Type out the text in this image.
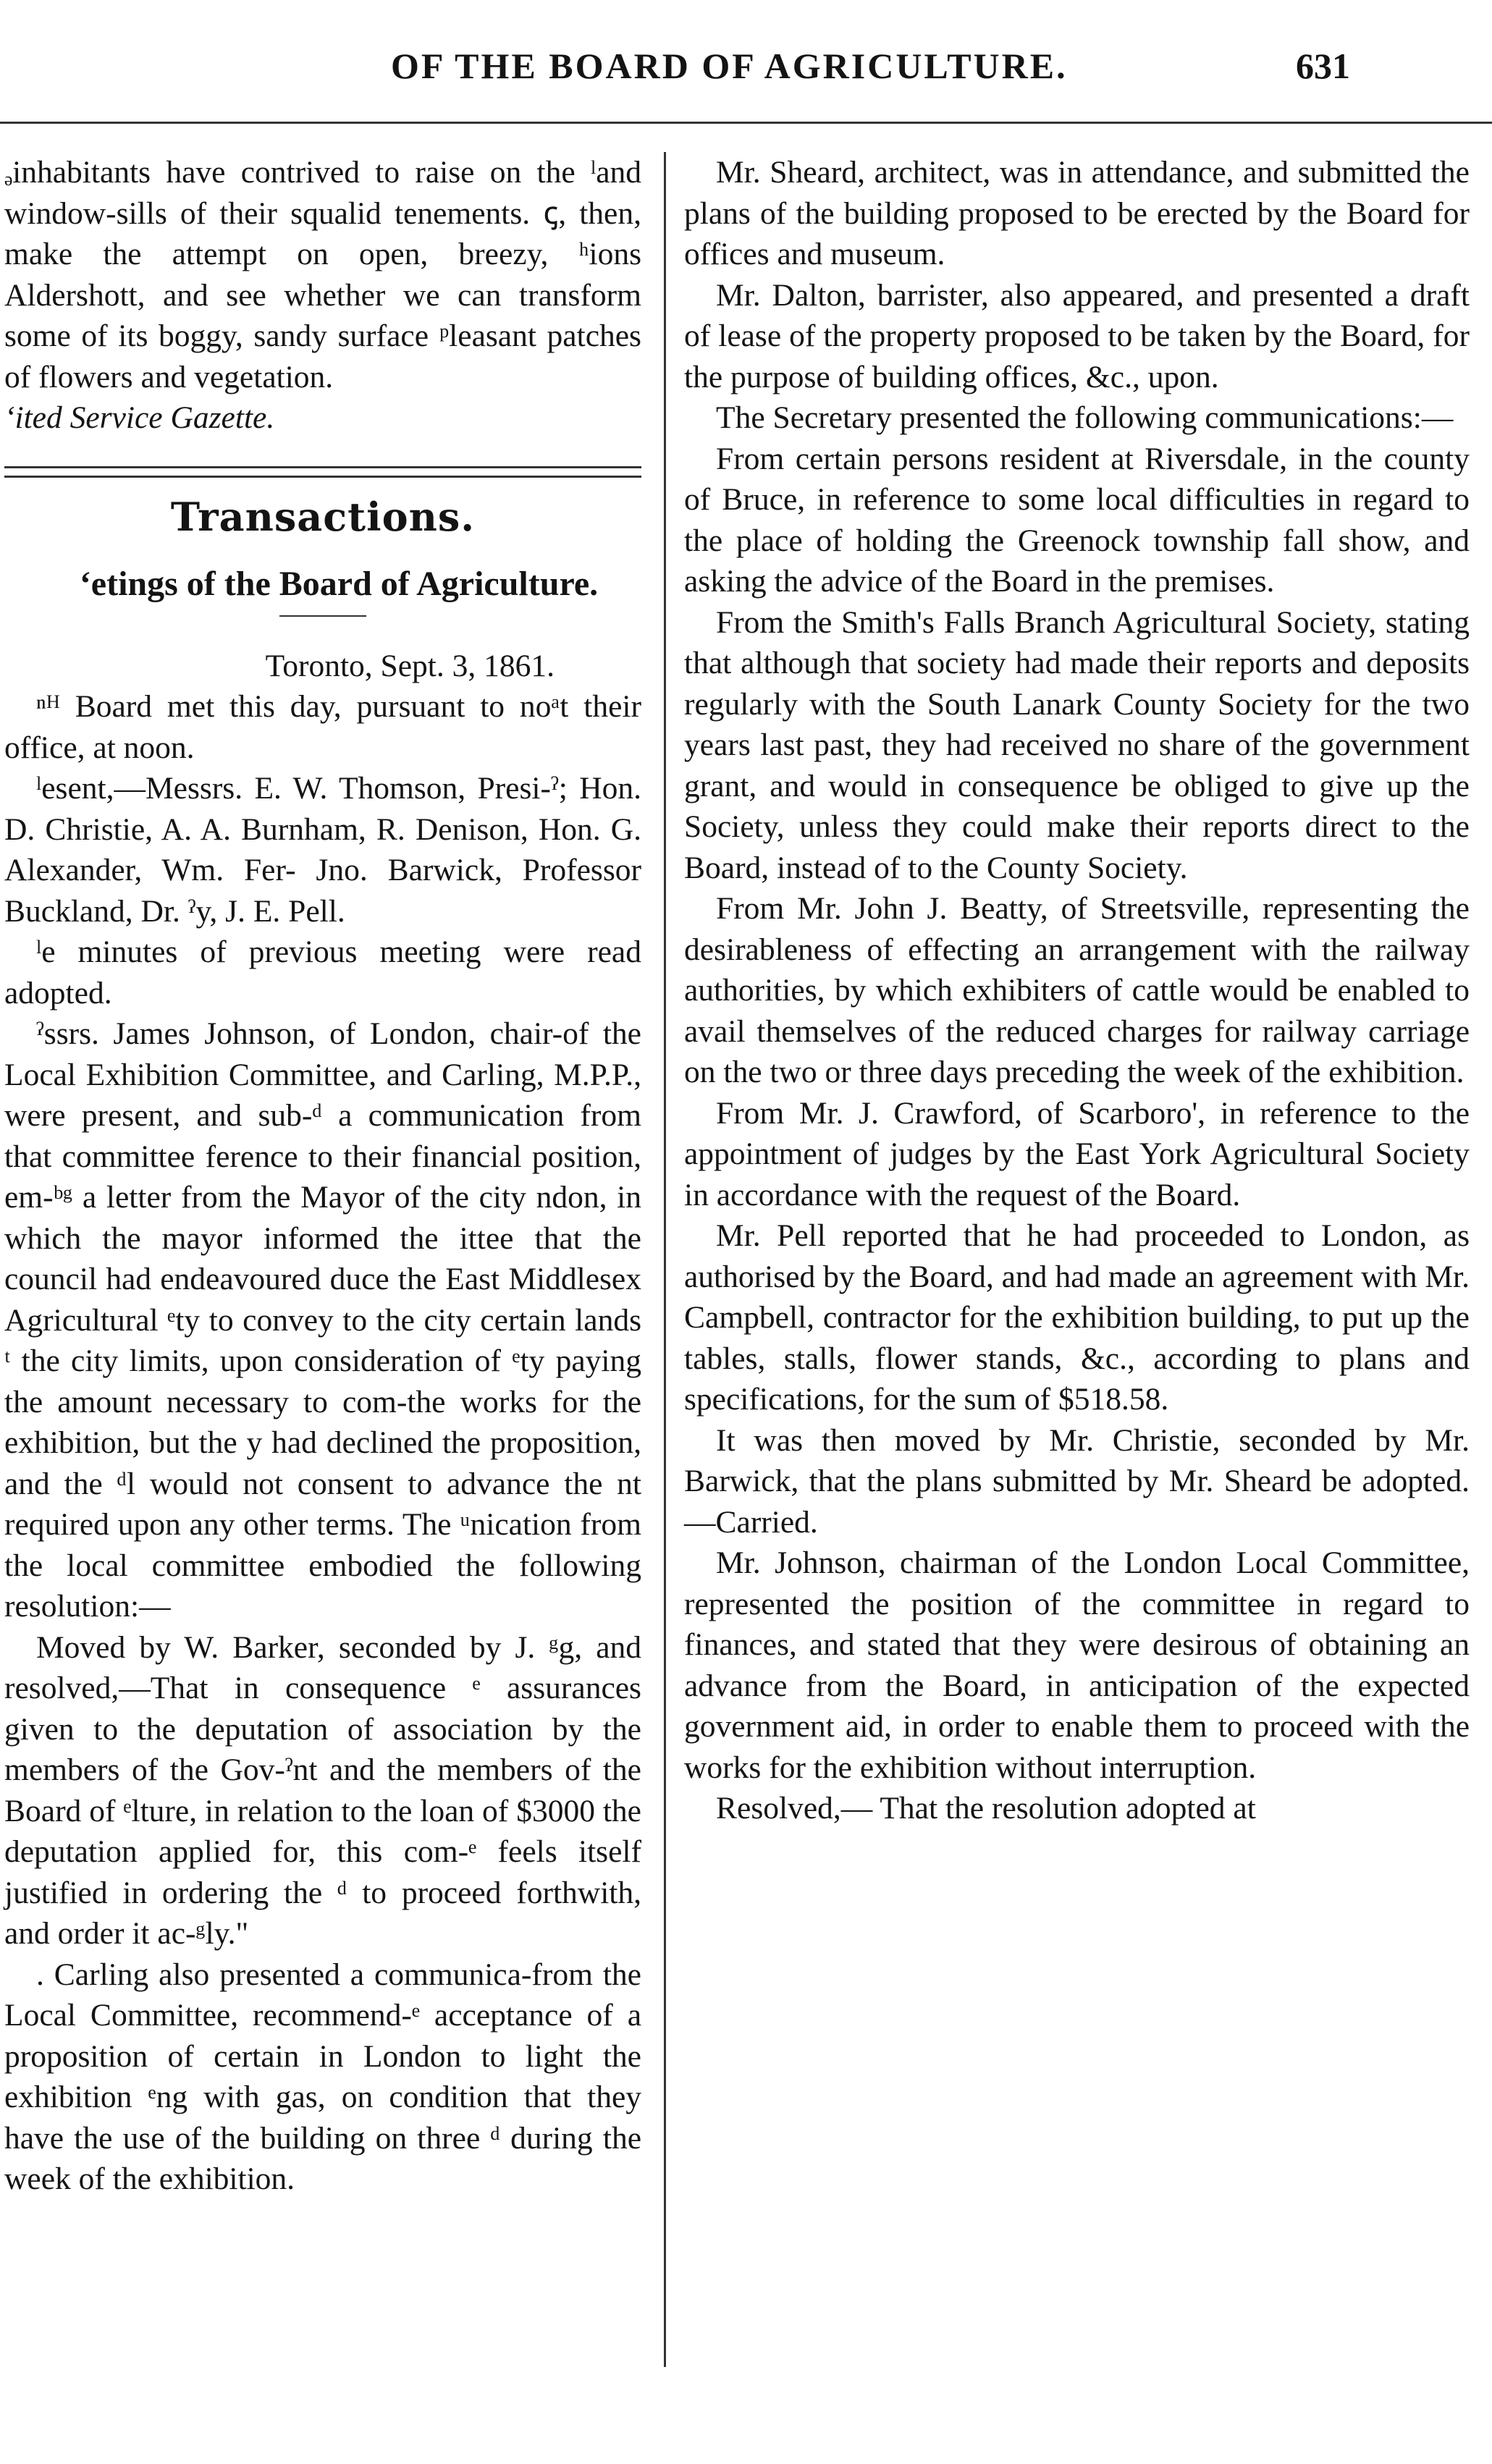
OF THE BOARD OF AGRICULTURE.	631

ₔinhabitants have contrived to raise on the ˡand window-sills of their squalid tenements. ꞔ, then, make the attempt on open, breezy, ʰions Aldershott, and see whether we can transform some of its boggy, sandy surface ᵖleasant patches of flowers and vegetation.

ʻited Service Gazette.

Transactions.

ʻetings of the Board of Agriculture.

Toronto, Sept. 3, 1861.

ⁿᴴ Board met this day, pursuant to noᵃt their office, at noon.

ˡesent,—Messrs. E. W. Thomson, Presi-ˀ; Hon. D. Christie, A. A. Burnham, R. Denison, Hon. G. Alexander, Wm. Fer- Jno. Barwick, Professor Buckland, Dr. ˀy, J. E. Pell.

ˡe minutes of previous meeting were read adopted.

ˀssrs. James Johnson, of London, chair-of the Local Exhibition Committee, and Carling, M.P.P., were present, and sub-ᵈ a communication from that committee ference to their financial position, em-ᵇᵍ a letter from the Mayor of the city ndon, in which the mayor informed the ittee that the council had endeavoured duce the East Middlesex Agricultural ᵉty to convey to the city certain lands ᵗ the city limits, upon consideration of ᵉty paying the amount necessary to com-the works for the exhibition, but the y had declined the proposition, and the ᵈl would not consent to advance the nt required upon any other terms. The ᵘnication from the local committee embodied the following resolution:—

Moved by W. Barker, seconded by J. ᵍg, and resolved,—That in consequence ᵉ assurances given to the deputation of association by the members of the Gov-ˀnt and the members of the Board of ᵉlture, in relation to the loan of $3000 the deputation applied for, this com-ᵉ feels itself justified in ordering the ᵈ to proceed forthwith, and order it ac-ᵍly."

. Carling also presented a communica-from the Local Committee, recommend-ᵉ acceptance of a proposition of certain in London to light the exhibition ᵉng with gas, on condition that they have the use of the building on three ᵈ during the week of the exhibition.

Mr. Sheard, architect, was in attendance, and submitted the plans of the building proposed to be erected by the Board for offices and museum.

Mr. Dalton, barrister, also appeared, and presented a draft of lease of the property proposed to be taken by the Board, for the purpose of building offices, &c., upon.

The Secretary presented the following communications:—

From certain persons resident at Riversdale, in the county of Bruce, in reference to some local difficulties in regard to the place of holding the Greenock township fall show, and asking the advice of the Board in the premises.

From the Smith's Falls Branch Agricultural Society, stating that although that society had made their reports and deposits regularly with the South Lanark County Society for the two years last past, they had received no share of the government grant, and would in consequence be obliged to give up the Society, unless they could make their reports direct to the Board, instead of to the County Society.

From Mr. John J. Beatty, of Streetsville, representing the desirableness of effecting an arrangement with the railway authorities, by which exhibiters of cattle would be enabled to avail themselves of the reduced charges for railway carriage on the two or three days preceding the week of the exhibition.

From Mr. J. Crawford, of Scarboro', in reference to the appointment of judges by the East York Agricultural Society in accordance with the request of the Board.

Mr. Pell reported that he had proceeded to London, as authorised by the Board, and had made an agreement with Mr. Campbell, contractor for the exhibition building, to put up the tables, stalls, flower stands, &c., according to plans and specifications, for the sum of $518.58.

It was then moved by Mr. Christie, seconded by Mr. Barwick, that the plans submitted by Mr. Sheard be adopted.—Carried.

Mr. Johnson, chairman of the London Local Committee, represented the position of the committee in regard to finances, and stated that they were desirous of obtaining an advance from the Board, in anticipation of the expected government aid, in order to enable them to proceed with the works for the exhibition without interruption.

Resolved,— That the resolution adopted at
